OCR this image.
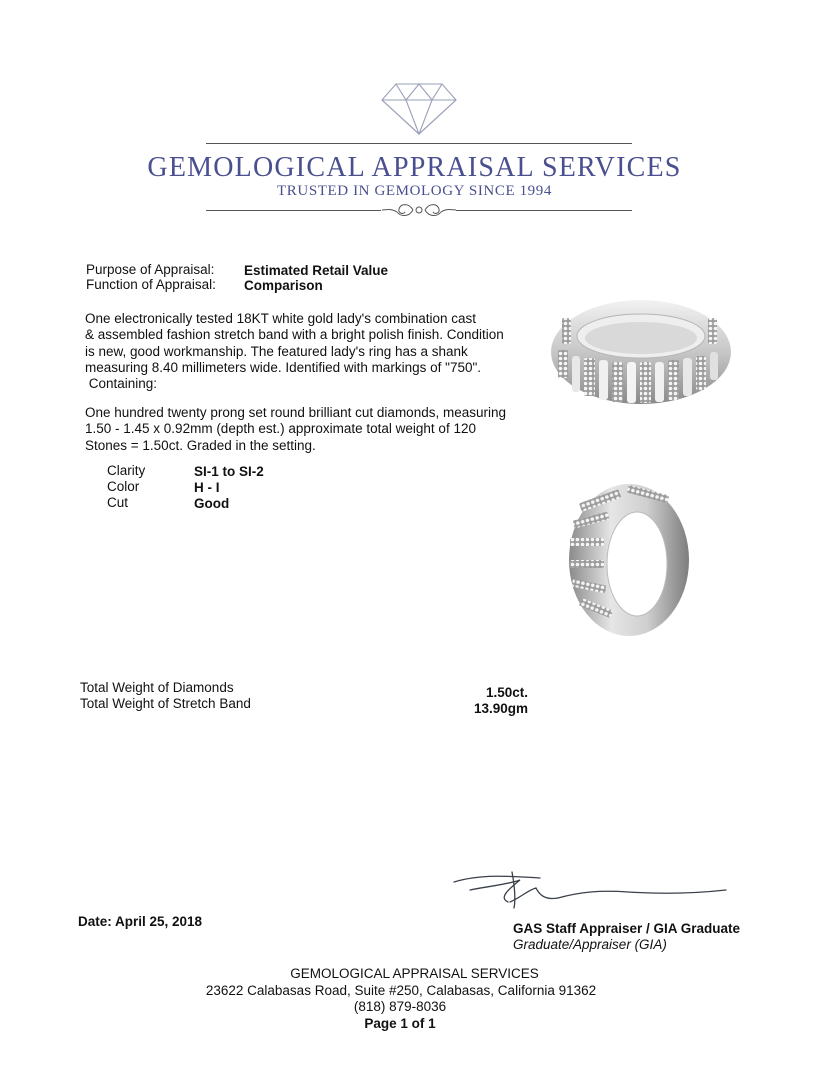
GEMOLOGICAL APPRAISAL SERVICES
TRUSTED IN GEMOLOGY SINCE 1994
Purpose of Appraisal: Estimated Retail Value
Function of Appraisal: Comparison
One electronically tested 18KT white gold lady's combination cast
& assembled fashion stretch band with a bright polish finish. Condition
is new, good workmanship. The featured lady's ring has a shank
measuring 8.40 millimeters wide. Identified with markings of "750".
Containing:
One hundred twenty prong set round brilliant cut diamonds, measuring
1.50 - 1.45 x 0.92mm (depth est.) approximate total weight of 120
Stones = 1.50ct. Graded in the setting.
Clarity	SI-1 to SI-2
Color	H - I
Cut	Good
Total Weight of Diamonds	1.50ct.
Total Weight of Stretch Band	13.90gm
Date: April 25, 2018	GAS Staff Appraiser / GIA Graduate
Graduate/Appraiser (GIA)
GEMOLOGICAL APPRAISAL SERVICES
23622 Calabasas Road, Suite #250, Calabasas, California 91362
(818) 879-8036
Page 1 of 1
